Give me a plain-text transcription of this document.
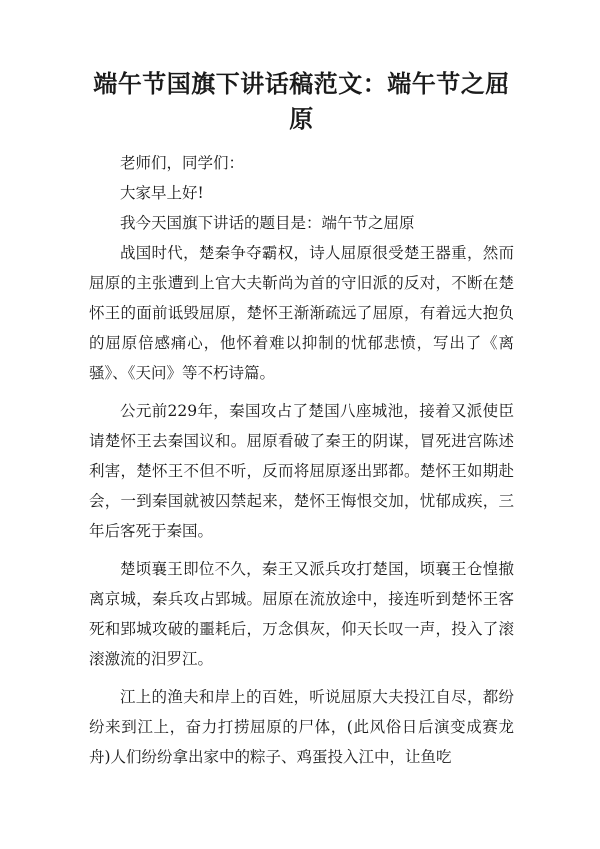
端午节国旗下讲话稿范文：端午节之屈原

老师们，同学们：

大家早上好!

我今天国旗下讲话的题目是：端午节之屈原

战国时代，楚秦争夺霸权，诗人屈原很受楚王器重，然而屈原的主张遭到上官大夫靳尚为首的守旧派的反对，不断在楚怀王的面前诋毁屈原，楚怀王渐渐疏远了屈原，有着远大抱负的屈原倍感痛心，他怀着难以抑制的忧郁悲愤，写出了《离骚》、《天问》等不朽诗篇。

公元前229年，秦国攻占了楚国八座城池，接着又派使臣请楚怀王去秦国议和。屈原看破了秦王的阴谋，冒死进宫陈述利害，楚怀王不但不听，反而将屈原逐出郢都。楚怀王如期赴会，一到秦国就被囚禁起来，楚怀王悔恨交加，忧郁成疾，三年后客死于秦国。

楚顷襄王即位不久，秦王又派兵攻打楚国，顷襄王仓惶撤离京城，秦兵攻占郢城。屈原在流放途中，接连听到楚怀王客死和郢城攻破的噩耗后，万念俱灰，仰天长叹一声，投入了滚滚激流的汨罗江。

江上的渔夫和岸上的百姓，听说屈原大夫投江自尽，都纷纷来到江上，奋力打捞屈原的尸体，(此风俗日后演变成赛龙舟)人们纷纷拿出家中的粽子、鸡蛋投入江中，让鱼吃
